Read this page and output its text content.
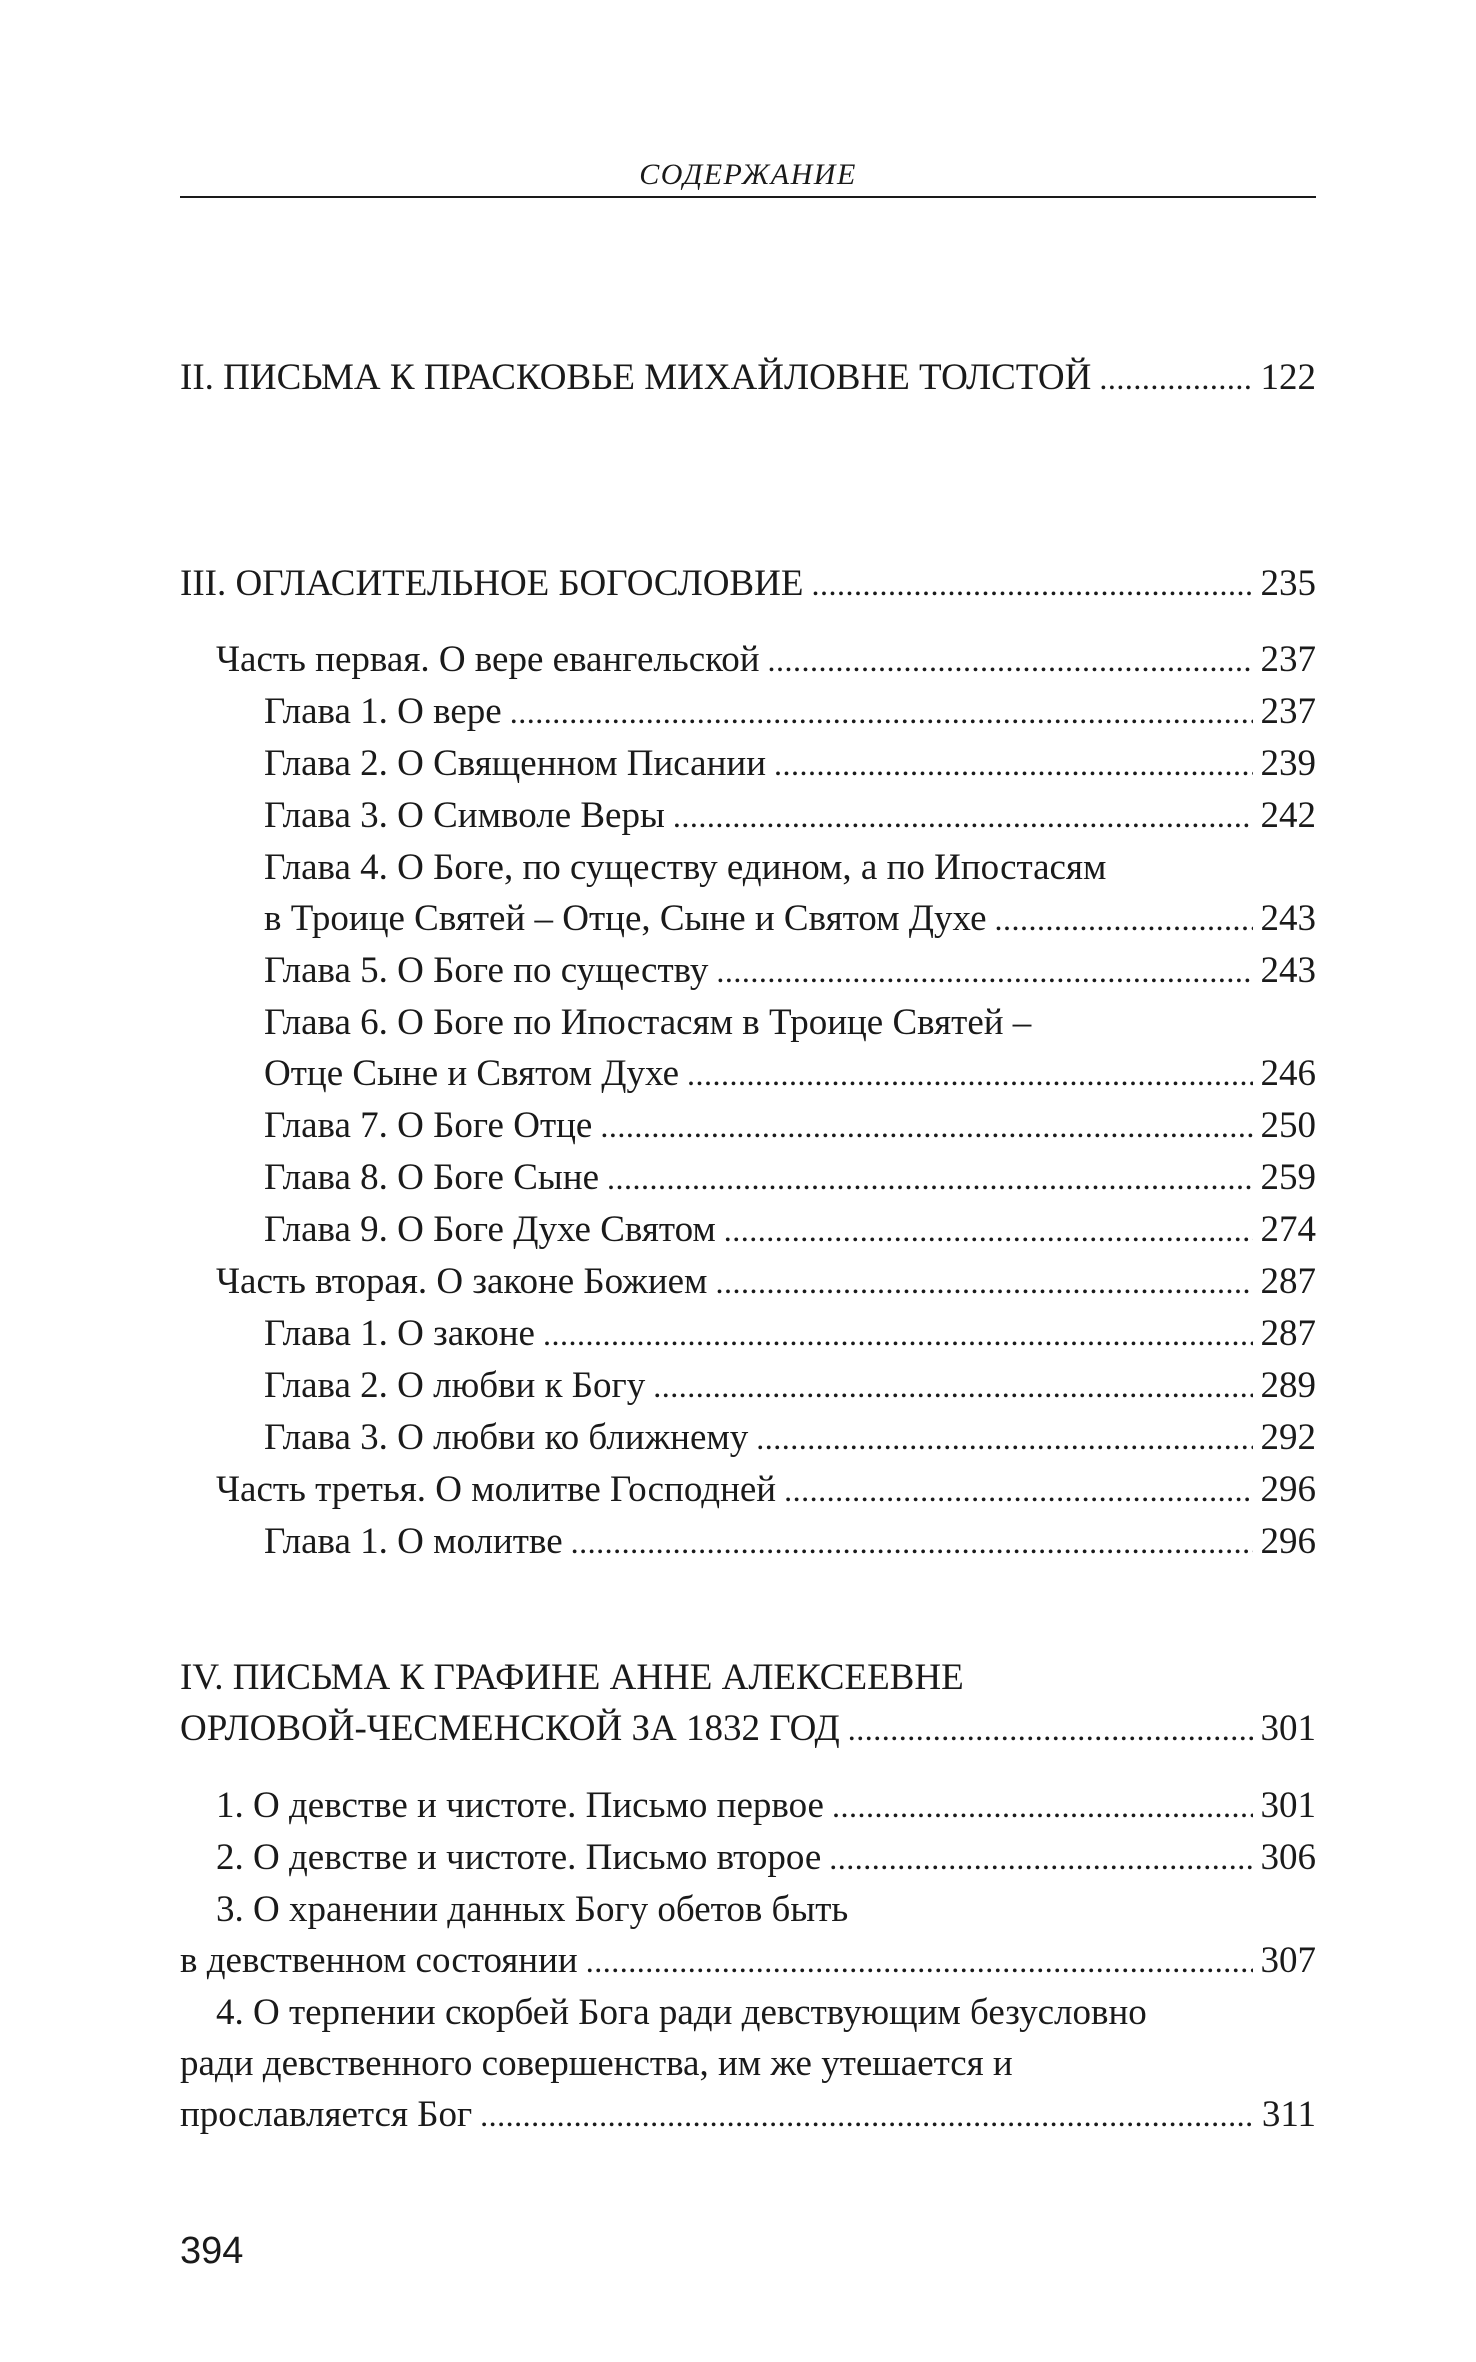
СОДЕРЖАНИЕ
II. ПИСЬМА К ПРАСКОВЬЕ МИХАЙЛОВНЕ ТОЛСТОЙ .....	122
III. ОГЛАСИТЕЛЬНОЕ БОГОСЛОВИЕ .....	235
Часть первая. О вере евангельской .....	237
Глава 1. О вере .....	237
Глава 2. О Священном Писании .....	239
Глава 3. О Символе Веры .....	242
Глава 4. О Боге, по существу едином, а по Ипостасям
в Троице Святей – Отце, Сыне и Святом Духе .....	243
Глава 5. О Боге по существу .....	243
Глава 6. О Боге по Ипостасям в Троице Святей –
Отце Сыне и Святом Духе .....	246
Глава 7. О Боге Отце .....	250
Глава 8. О Боге Сыне .....	259
Глава 9. О Боге Духе Святом .....	274
Часть вторая. О законе Божием .....	287
Глава 1. О законе .....	287
Глава 2. О любви к Богу .....	289
Глава 3. О любви ко ближнему .....	292
Часть третья. О молитве Господней .....	296
Глава 1. О молитве .....	296
IV. ПИСЬМА К ГРАФИНЕ АННЕ АЛЕКСЕЕВНЕ
ОРЛОВОЙ-ЧЕСМЕНСКОЙ ЗА 1832 ГОД .....	301
1. О девстве и чистоте. Письмо первое .....	301
2. О девстве и чистоте. Письмо второе .....	306
3. О хранении данных Богу обетов быть
в девственном состоянии .....	307
4. О терпении скорбей Бога ради девствующим безусловно
ради девственного совершенства, им же утешается и
прославляется Бог .....	311
394
